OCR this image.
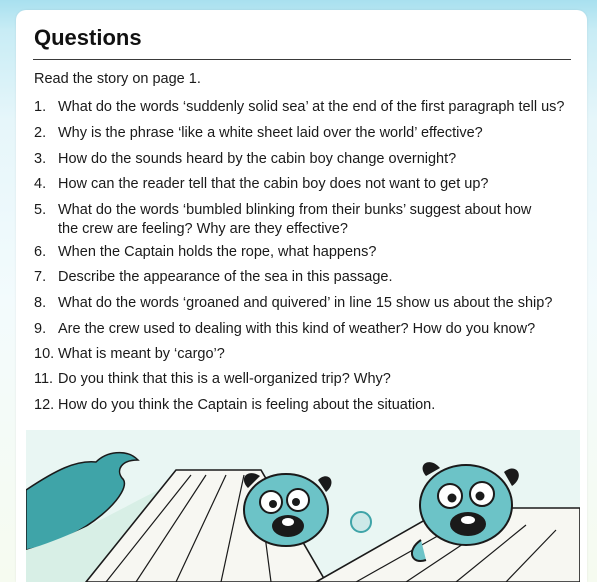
Questions
Read the story on page 1.
1. What do the words ‘suddenly solid sea’ at the end of the first paragraph tell us?
2. Why is the phrase ‘like a white sheet laid over the world’ effective?
3. How do the sounds heard by the cabin boy change overnight?
4. How can the reader tell that the cabin boy does not want to get up?
5. What do the words ‘bumbled blinking from their bunks’ suggest about how
the crew are feeling? Why are they effective?
6. When the Captain holds the rope, what happens?
7. Describe the appearance of the sea in this passage.
8. What do the words ‘groaned and quivered’ in line 15 show us about the ship?
9. Are the crew used to dealing with this kind of weather? How do you know?
10. What is meant by ‘cargo’?
11. Do you think that this is a well-organized trip? Why?
12. How do you think the Captain is feeling about the situation.
